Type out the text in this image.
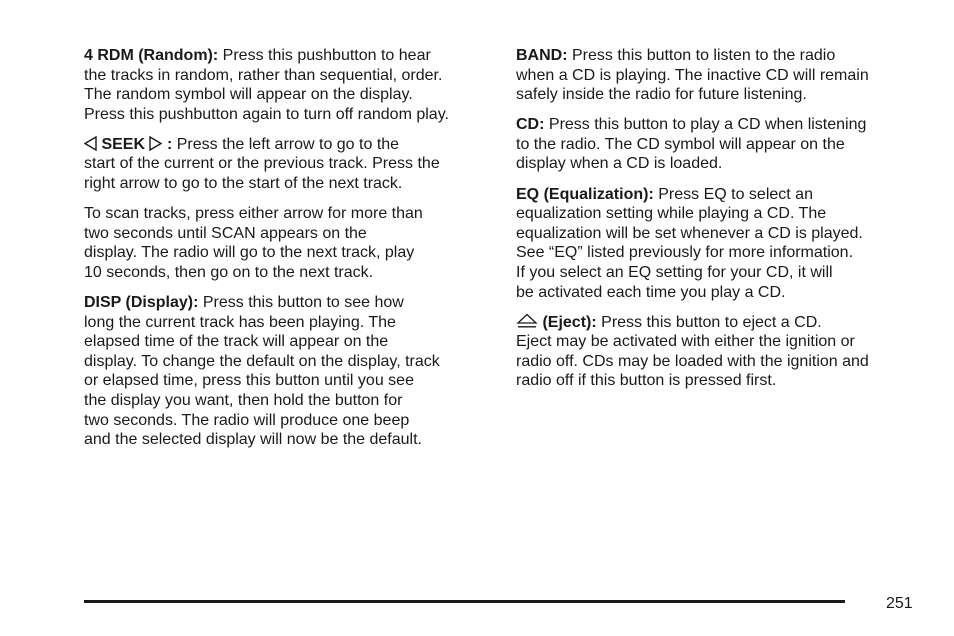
4 RDM (Random): Press this pushbutton to hear
the tracks in random, rather than sequential, order.
The random symbol will appear on the display.
Press this pushbutton again to turn off random play.

SEEK : Press the left arrow to go to the
start of the current or the previous track. Press the
right arrow to go to the start of the next track.

To scan tracks, press either arrow for more than
two seconds until SCAN appears on the
display. The radio will go to the next track, play
10 seconds, then go on to the next track.

DISP (Display): Press this button to see how
long the current track has been playing. The
elapsed time of the track will appear on the
display. To change the default on the display, track
or elapsed time, press this button until you see
the display you want, then hold the button for
two seconds. The radio will produce one beep
and the selected display will now be the default.

BAND: Press this button to listen to the radio
when a CD is playing. The inactive CD will remain
safely inside the radio for future listening.

CD: Press this button to play a CD when listening
to the radio. The CD symbol will appear on the
display when a CD is loaded.

EQ (Equalization): Press EQ to select an
equalization setting while playing a CD. The
equalization will be set whenever a CD is played.
See “EQ” listed previously for more information.
If you select an EQ setting for your CD, it will
be activated each time you play a CD.

(Eject): Press this button to eject a CD.
Eject may be activated with either the ignition or
radio off. CDs may be loaded with the ignition and
radio off if this button is pressed first.

251
